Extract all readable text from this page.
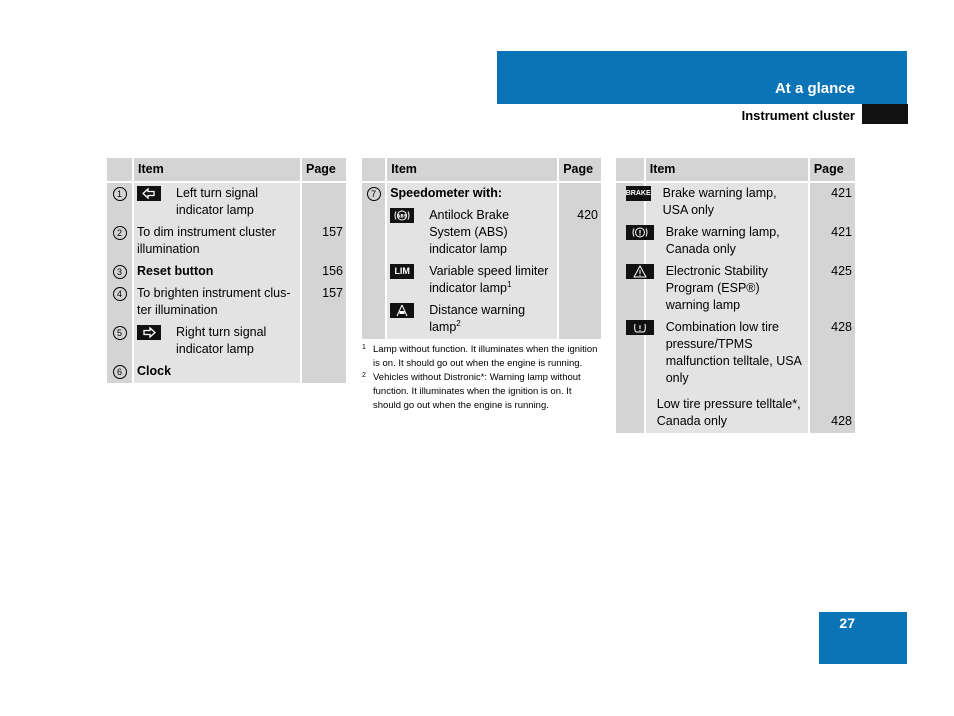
At a glance
Instrument cluster
	Item	Page
1	Left turn signal indicator lamp	

2	To dim instrument cluster illumination	157
3	Reset button	156
4	To brighten instrument clus-ter illumination	157
5	Right turn signal indicator lamp	

6	Clock	
	Item	Page
7	Speedometer with:	

ABS Antilock Brake System (ABS) indicator lamp	420

	LIM Variable speed limiter indicator lamp$^1$

	Distance warning lamp$^2$

1 Lamp without function. It illuminates when the ignition is on. It should go out when the engine is running.
2 Vehicles without Distronic*: Warning lamp without function. It illuminates when the ignition is on. It should go out when the engine is running.
	Item	Page

	BRAKE Brake warning lamp, USA only	421

	Brake warning lamp, Canada only	421

	Electronic Stability Program (ESP®) warning lamp	425

	Combination low tire pressure/TPMS malfunction telltale, USA only	428

	Low tire pressure telltale*, Canada only	428
27
